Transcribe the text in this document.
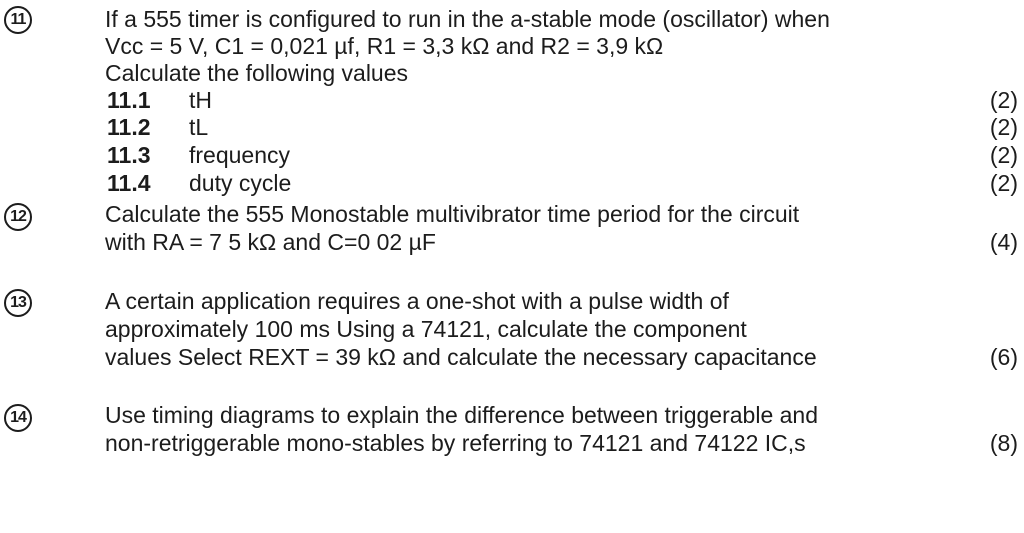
11	If a 555 timer is configured to run in the a-stable mode (oscillator) when
Vcc = 5 V, C1 = 0,021 µf, R1 = 3,3 kΩ and R2 = 3,9 kΩ
Calculate the following values
11.1 tH	(2)
11.2 tL	(2)
11.3 frequency	(2)
11.4 duty cycle	(2)
12	Calculate the 555 Monostable multivibrator time period for the circuit
with RA = 7 5 kΩ and C=0 02 µF	(4)
13	A certain application requires a one-shot with a pulse width of
approximately 100 ms Using a 74121, calculate the component
values Select REXT = 39 kΩ and calculate the necessary capacitance	(6)
14	Use timing diagrams to explain the difference between triggerable and
non-retriggerable mono-stables by referring to 74121 and 74122 IC,s	(8)
